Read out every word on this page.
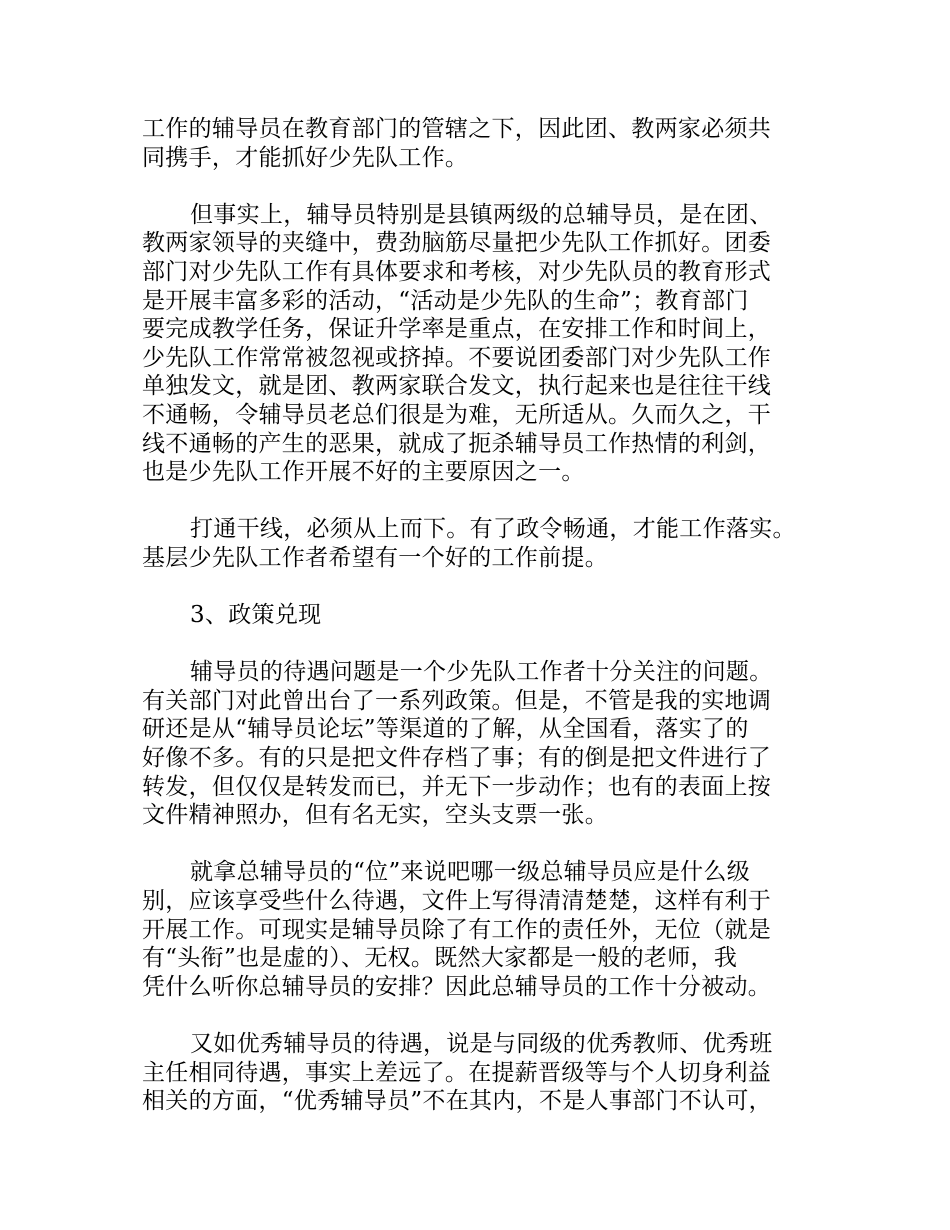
工作的辅导员在教育部门的管辖之下，因此团、教两家必须共
同携手，才能抓好少先队工作。
但事实上，辅导员特别是县镇两级的总辅导员，是在团、
教两家领导的夹缝中，费劲脑筋尽量把少先队工作抓好。团委
部门对少先队工作有具体要求和考核，对少先队员的教育形式
是开展丰富多彩的活动，“活动是少先队的生命”；教育部门
要完成教学任务，保证升学率是重点，在安排工作和时间上，
少先队工作常常被忽视或挤掉。不要说团委部门对少先队工作
单独发文，就是团、教两家联合发文，执行起来也是往往干线
不通畅，令辅导员老总们很是为难，无所适从。久而久之，干
线不通畅的产生的恶果，就成了扼杀辅导员工作热情的利剑，
也是少先队工作开展不好的主要原因之一。
打通干线，必须从上而下。有了政令畅通，才能工作落实。
基层少先队工作者希望有一个好的工作前提。
3、政策兑现
辅导员的待遇问题是一个少先队工作者十分关注的问题。
有关部门对此曾出台了一系列政策。但是，不管是我的实地调
研还是从“辅导员论坛”等渠道的了解，从全国看，落实了的
好像不多。有的只是把文件存档了事；有的倒是把文件进行了
转发，但仅仅是转发而已，并无下一步动作；也有的表面上按
文件精神照办，但有名无实，空头支票一张。
就拿总辅导员的“位”来说吧哪一级总辅导员应是什么级
别，应该享受些什么待遇，文件上写得清清楚楚，这样有利于
开展工作。可现实是辅导员除了有工作的责任外，无位（就是
有“头衔”也是虚的）、无权。既然大家都是一般的老师，我
凭什么听你总辅导员的安排？因此总辅导员的工作十分被动。
又如优秀辅导员的待遇，说是与同级的优秀教师、优秀班
主任相同待遇，事实上差远了。在提薪晋级等与个人切身利益
相关的方面，“优秀辅导员”不在其内，不是人事部门不认可，
